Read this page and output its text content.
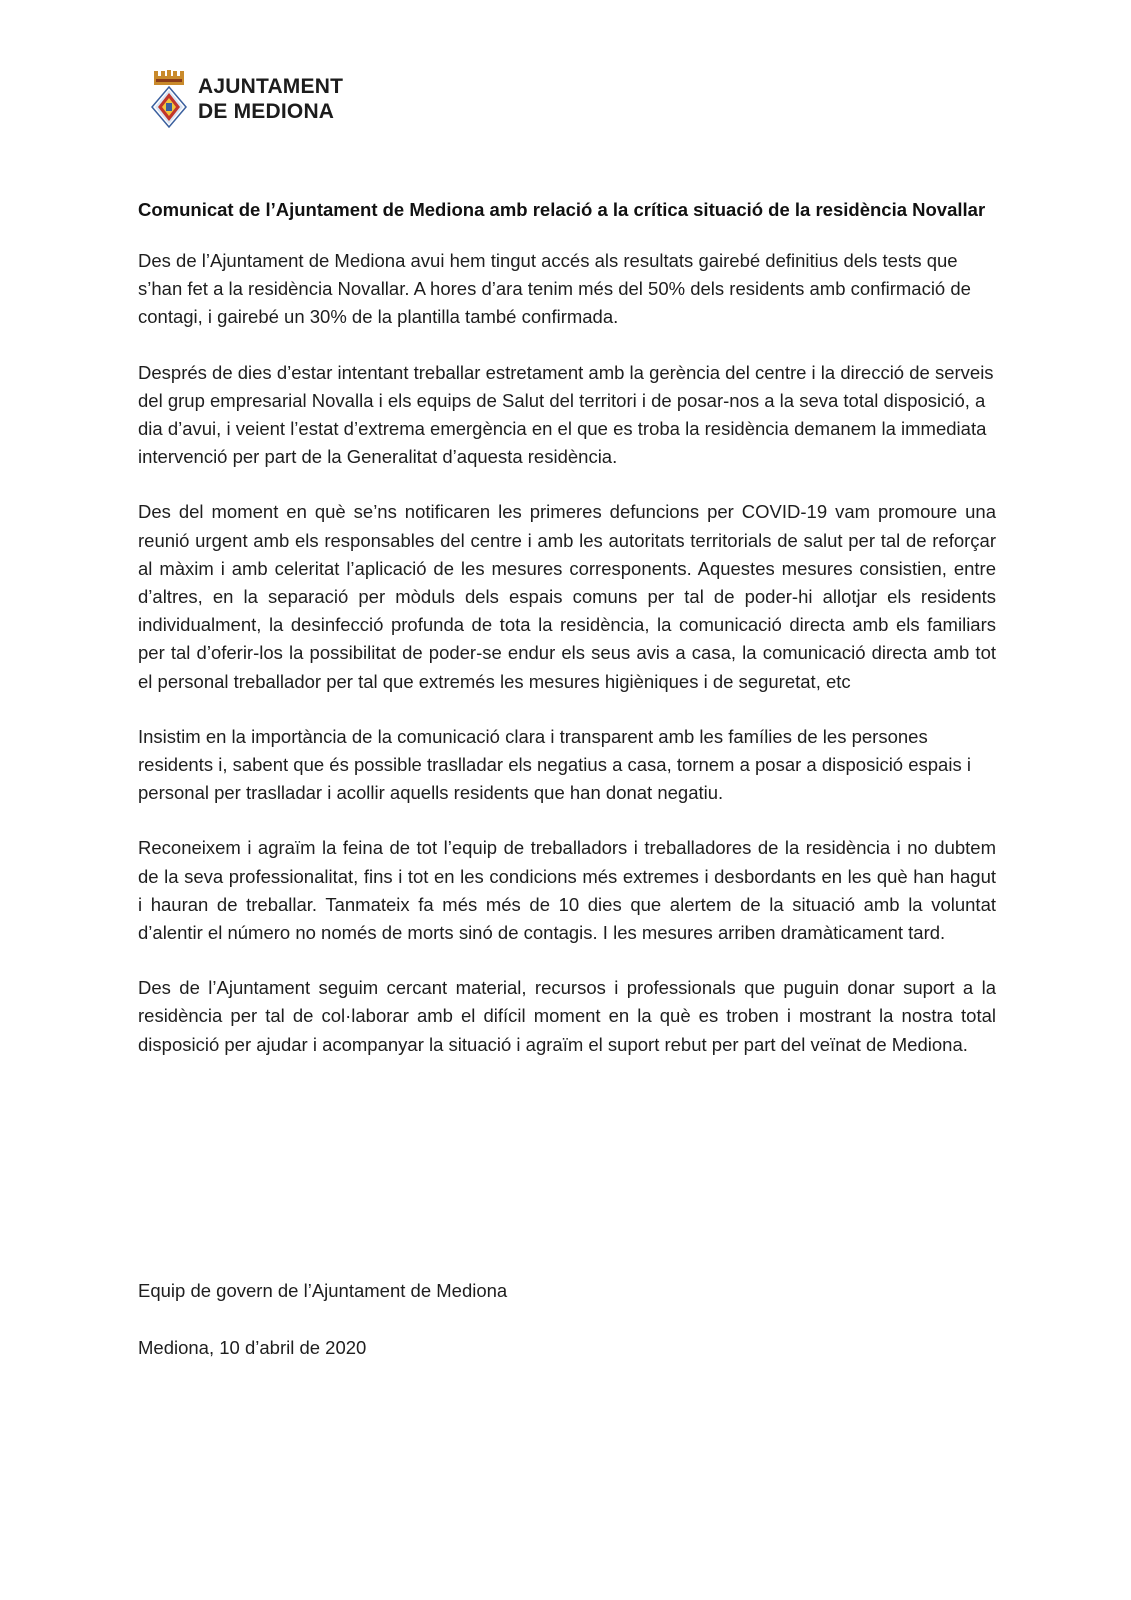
AJUNTAMENT
DE MEDIONA

Comunicat de l’Ajuntament de Mediona amb relació a la crítica situació de la residència Novallar

Des de l’Ajuntament de Mediona avui hem tingut accés als resultats gairebé definitius dels tests que s’han fet a la residència Novallar. A hores d’ara tenim més del 50% dels residents amb confirmació de contagi, i gairebé un 30% de la plantilla també confirmada.

Després de dies d’estar intentant treballar estretament amb la gerència del centre i la direcció de serveis del grup empresarial Novalla i els equips de Salut del territori i de posar-nos a la seva total disposició, a dia d’avui, i veient l’estat d’extrema emergència en el que es troba la residència demanem la immediata intervenció per part de la Generalitat d’aquesta residència.

Des del moment en què se’ns notificaren les primeres defuncions per COVID-19 vam promoure una reunió urgent amb els responsables del centre i amb les autoritats territorials de salut per tal de reforçar al màxim i amb celeritat l’aplicació de les mesures corresponents. Aquestes mesures consistien, entre d’altres, en la separació per mòduls dels espais comuns per tal de poder-hi allotjar els residents individualment, la desinfecció profunda de tota la residència, la comunicació directa amb els familiars per tal d’oferir-los la possibilitat de poder-se endur els seus avis a casa, la comunicació directa amb tot el personal treballador per tal que extremés les mesures higièniques i de seguretat, etc

Insistim en la importància de la comunicació clara i transparent amb les famílies de les persones residents i, sabent que és possible traslladar els negatius a casa, tornem a posar a disposició espais i personal per traslladar i acollir aquells residents que han donat negatiu.

Reconeixem i agraïm la feina de tot l’equip de treballadors i treballadores de la residència i no dubtem de la seva professionalitat, fins i tot en les condicions més extremes i desbordants en les què han hagut i hauran de treballar. Tanmateix fa més més de 10 dies que alertem de la situació amb la voluntat d’alentir el número no només de morts sinó de contagis. I les mesures arriben dramàticament tard.

Des de l’Ajuntament seguim cercant material, recursos i professionals que puguin donar suport a la residència per tal de col·laborar amb el difícil moment en la què es troben i mostrant la nostra total disposició per ajudar i acompanyar la situació i agraïm el suport rebut per part del veïnat de Mediona.

Equip de govern de l’Ajuntament de Mediona

Mediona, 10 d’abril de 2020
